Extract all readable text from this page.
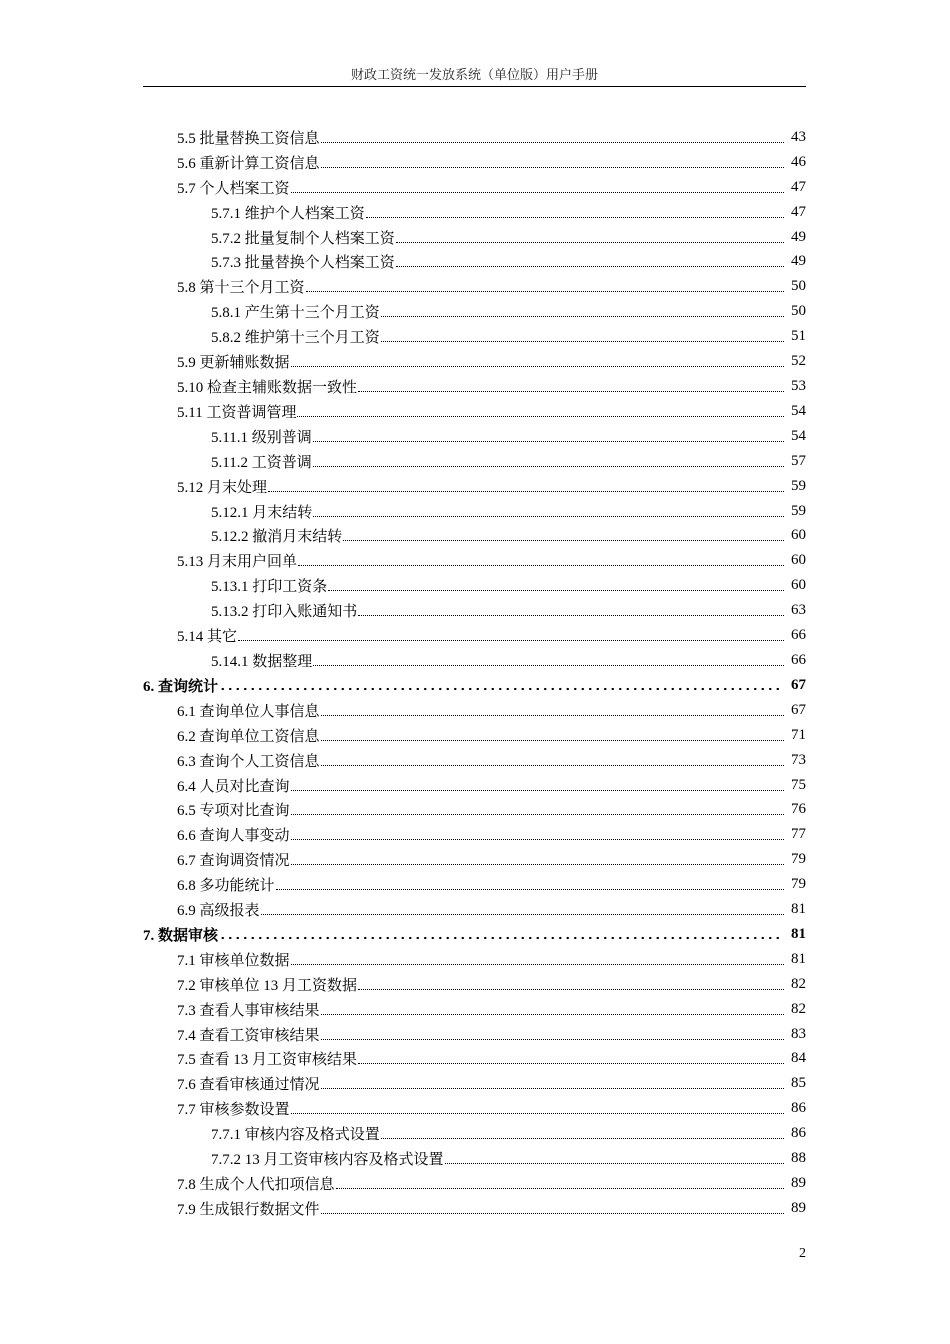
财政工资统一发放系统（单位版）用户手册
5.5 批量替换工资信息	43
5.6 重新计算工资信息	46
5.7 个人档案工资	47
5.7.1 维护个人档案工资	47
5.7.2 批量复制个人档案工资	49
5.7.3 批量替换个人档案工资	49
5.8 第十三个月工资	50
5.8.1 产生第十三个月工资	50
5.8.2 维护第十三个月工资	51
5.9 更新辅账数据	52
5.10 检查主辅账数据一致性	53
5.11 工资普调管理	54
5.11.1 级别普调	54
5.11.2 工资普调	57
5.12 月末处理	59
5.12.1 月末结转	59
5.12.2 撤消月末结转	60
5.13 月末用户回单	60
5.13.1 打印工资条	60
5.13.2 打印入账通知书	63
5.14 其它	66
5.14.1 数据整理	66
6. 查询统计	67
6.1 查询单位人事信息	67
6.2 查询单位工资信息	71
6.3 查询个人工资信息	73
6.4 人员对比查询	75
6.5 专项对比查询	76
6.6 查询人事变动	77
6.7 查询调资情况	79
6.8 多功能统计	79
6.9 高级报表	81
7. 数据审核	81
7.1 审核单位数据	81
7.2 审核单位 13 月工资数据	82
7.3 查看人事审核结果	82
7.4 查看工资审核结果	83
7.5 查看 13 月工资审核结果	84
7.6 查看审核通过情况	85
7.7 审核参数设置	86
7.7.1 审核内容及格式设置	86
7.7.2 13 月工资审核内容及格式设置	88
7.8 生成个人代扣项信息	89
7.9 生成银行数据文件	89
2
